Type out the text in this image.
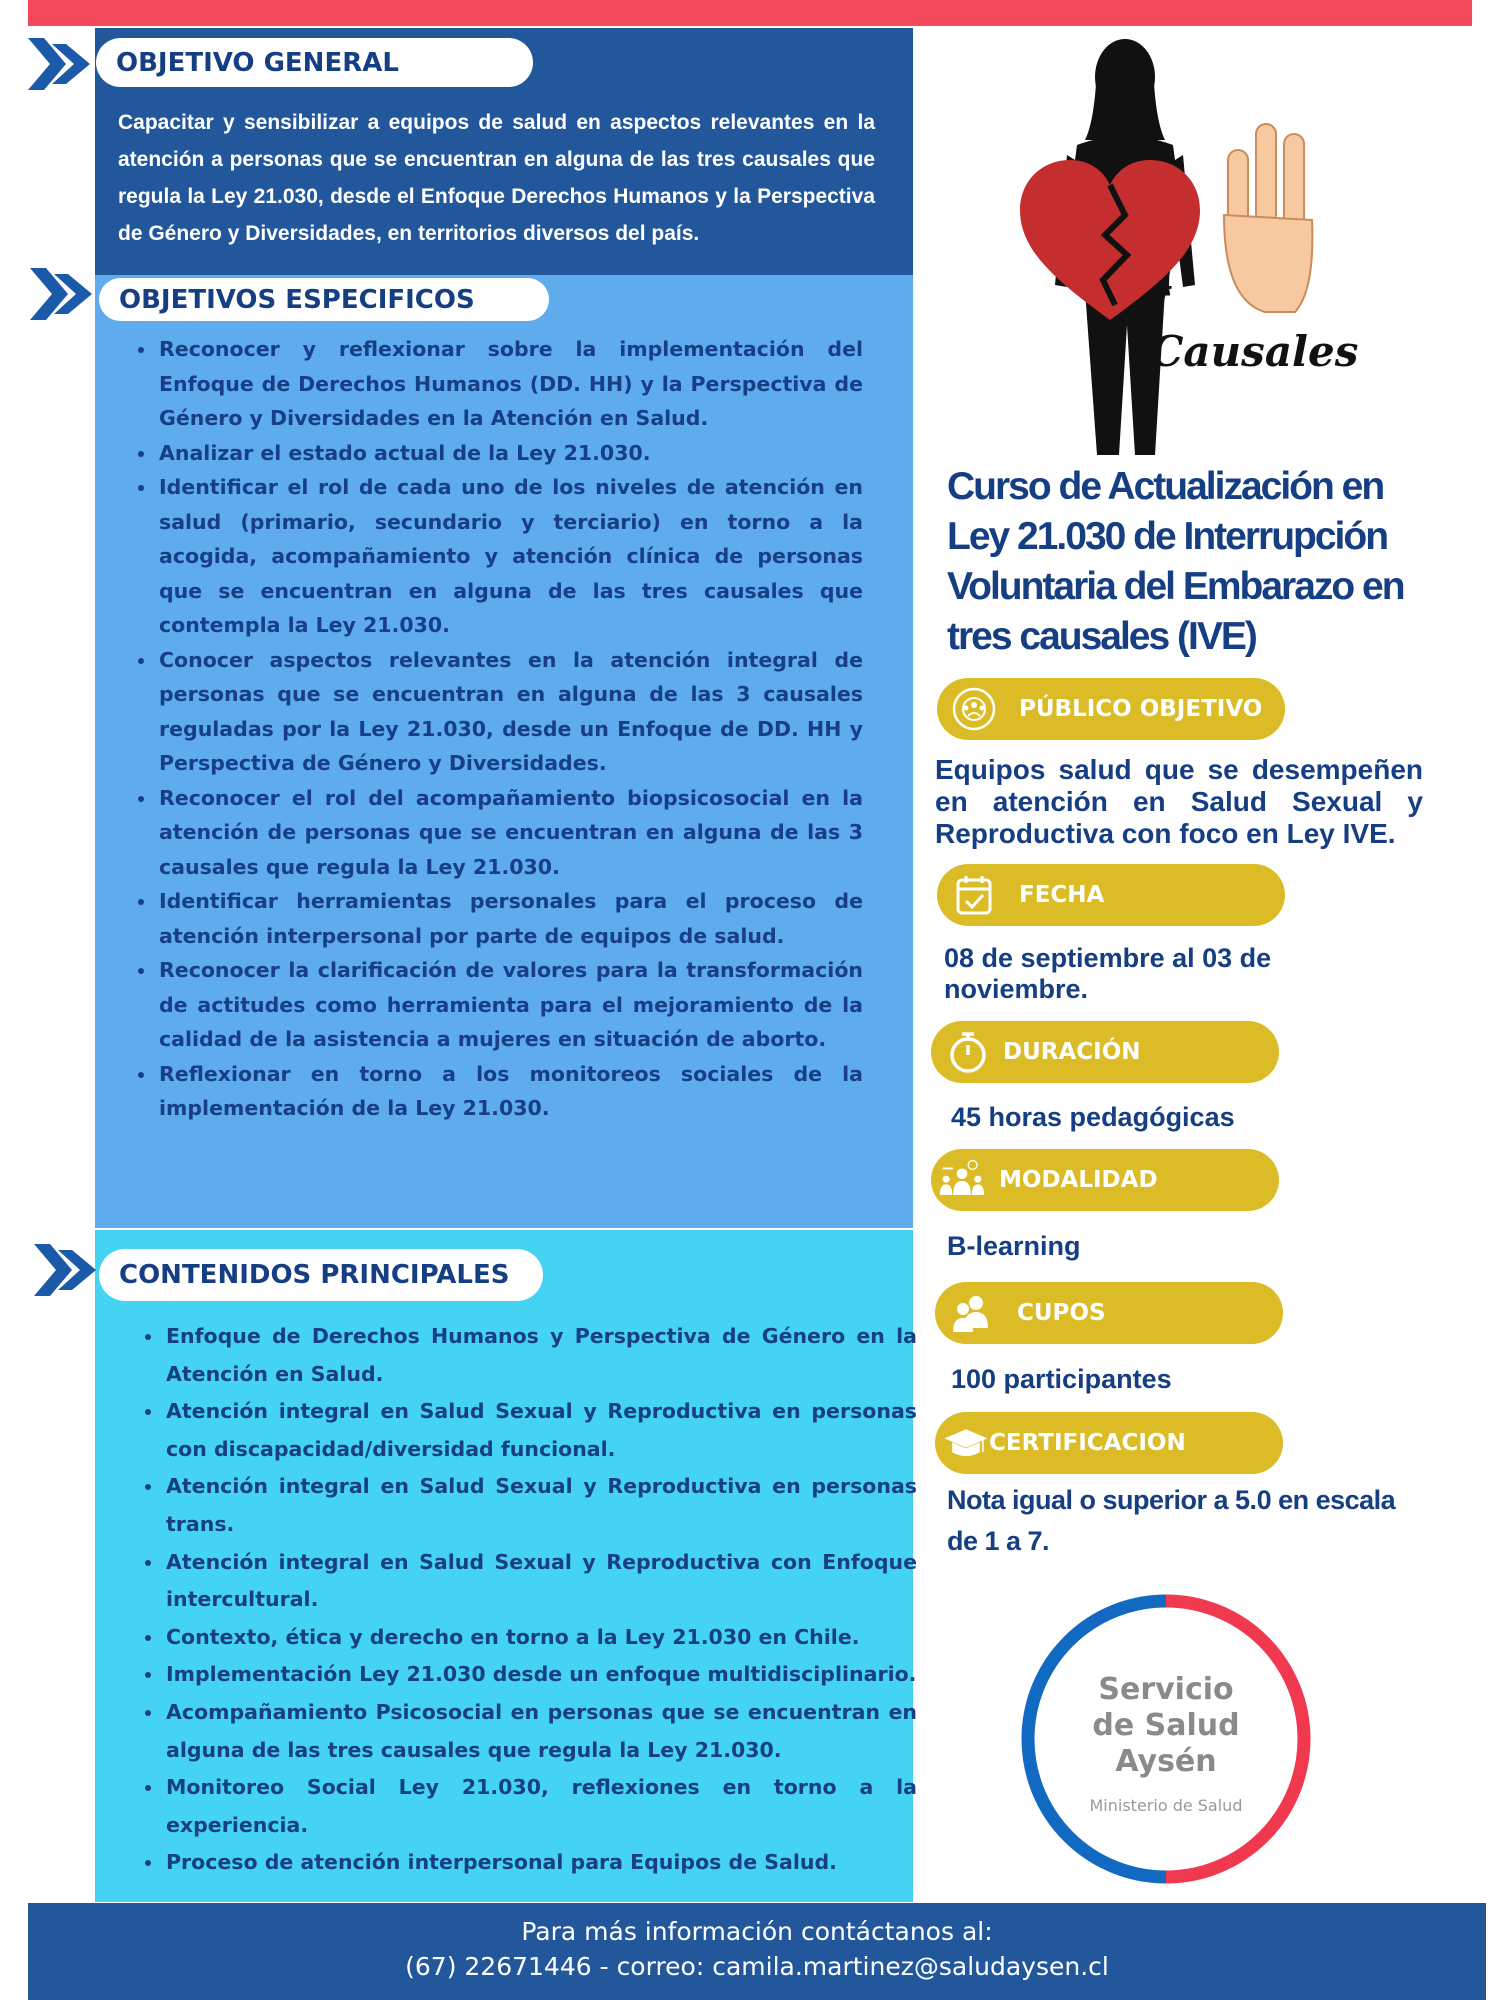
OBJETIVO GENERAL

Capacitar y sensibilizar a equipos de salud en aspectos relevantes en la atención a personas que se encuentran en alguna de las tres causales que regula la Ley 21.030, desde el Enfoque Derechos Humanos y la Perspectiva de Género y Diversidades, en territorios diversos del país.

OBJETIVOS ESPECIFICOS
• Reconocer y reflexionar sobre la implementación del Enfoque de Derechos Humanos (DD. HH) y la Perspectiva de Género y Diversidades en la Atención en Salud.
• Analizar el estado actual de la Ley 21.030.
• Identificar el rol de cada uno de los niveles de atención en salud (primario, secundario y terciario) en torno a la acogida, acompañamiento y atención clínica de personas que se encuentran en alguna de las tres causales que contempla la Ley 21.030.
• Conocer aspectos relevantes en la atención integral de personas que se encuentran en alguna de las 3 causales reguladas por la Ley 21.030, desde un Enfoque de DD. HH y Perspectiva de Género y Diversidades.
• Reconocer el rol del acompañamiento biopsicosocial en la atención de personas que se encuentran en alguna de las 3 causales que regula la Ley 21.030.
• Identificar herramientas personales para el proceso de atención interpersonal por parte de equipos de salud.
• Reconocer la clarificación de valores para la transformación de actitudes como herramienta para el mejoramiento de la calidad de la asistencia a mujeres en situación de aborto.
• Reflexionar en torno a los monitoreos sociales de la implementación de la Ley 21.030.
CONTENIDOS PRINCIPALES
• Enfoque de Derechos Humanos y Perspectiva de Género en la Atención en Salud.
• Atención integral en Salud Sexual y Reproductiva en personas con discapacidad/diversidad funcional.
• Atención integral en Salud Sexual y Reproductiva en personas trans.
• Atención integral en Salud Sexual y Reproductiva con Enfoque intercultural.
• Contexto, ética y derecho en torno a la Ley 21.030 en Chile.
• Implementación Ley 21.030 desde un enfoque multidisciplinario.
• Acompañamiento Psicosocial en personas que se encuentran en alguna de las tres causales que regula la Ley 21.030.
• Monitoreo Social Ley 21.030, reflexiones en torno a la experiencia.
• Proceso de atención interpersonal para Equipos de Salud.
#
Causales
Curso de Actualización en Ley 21.030 de Interrupción Voluntaria del Embarazo en tres causales (IVE)
PÚBLICO OBJETIVO

Equipos salud que se desempeñen en atención en Salud Sexual y Reproductiva con foco en Ley IVE.

FECHA

08 de septiembre al 03 de noviembre.

DURACIÓN

45 horas pedagógicas

MODALIDAD

B-learning

CUPOS

100 participantes

CERTIFICACION

Nota igual o superior a 5.0 en escala de 1 a 7.

Servicio
de Salud
Aysén
Ministerio de Salud
Para más información contáctanos al:
(67) 22671446 - correo: camila.martinez@saludaysen.cl
